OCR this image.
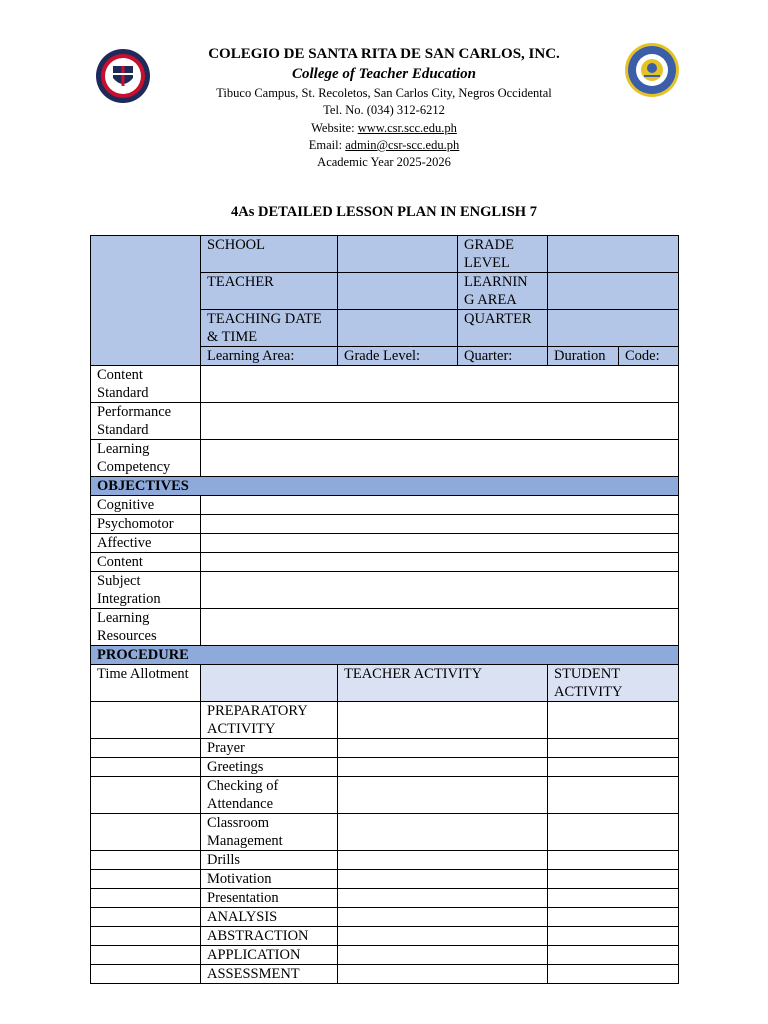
COLEGIO DE SANTA RITA DE SAN CARLOS, INC.
College of Teacher Education
Tibuco Campus, St. Recoletos, San Carlos City, Negros Occidental
Tel. No. (034) 312-6212
Website: www.csr.scc.edu.ph
Email: admin@csr-scc.edu.ph
Academic Year 2025-2026
4As DETAILED LESSON PLAN IN ENGLISH 7
	SCHOOL		GRADE LEVEL		
	TEACHER		LEARNIN G AREA		
	TEACHING DATE & TIME		QUARTER		
	Learning Area:	Grade Level:	Quarter:	Duration	Code:
Content Standard					
Performance Standard					
Learning Competency					
OBJECTIVES					
Cognitive					
Psychomotor					
Affective					
Content					
Subject Integration					
Learning Resources					
PROCEDURE					
Time Allotment		TEACHER ACTIVITY		STUDENT ACTIVITY	
	PREPARATORY ACTIVITY				
	Prayer				
	Greetings				
	Checking of Attendance				
	Classroom Management				
	Drills				
	Motivation				
	Presentation				
	ANALYSIS				
	ABSTRACTION				
	APPLICATION				
	ASSESSMENT				
